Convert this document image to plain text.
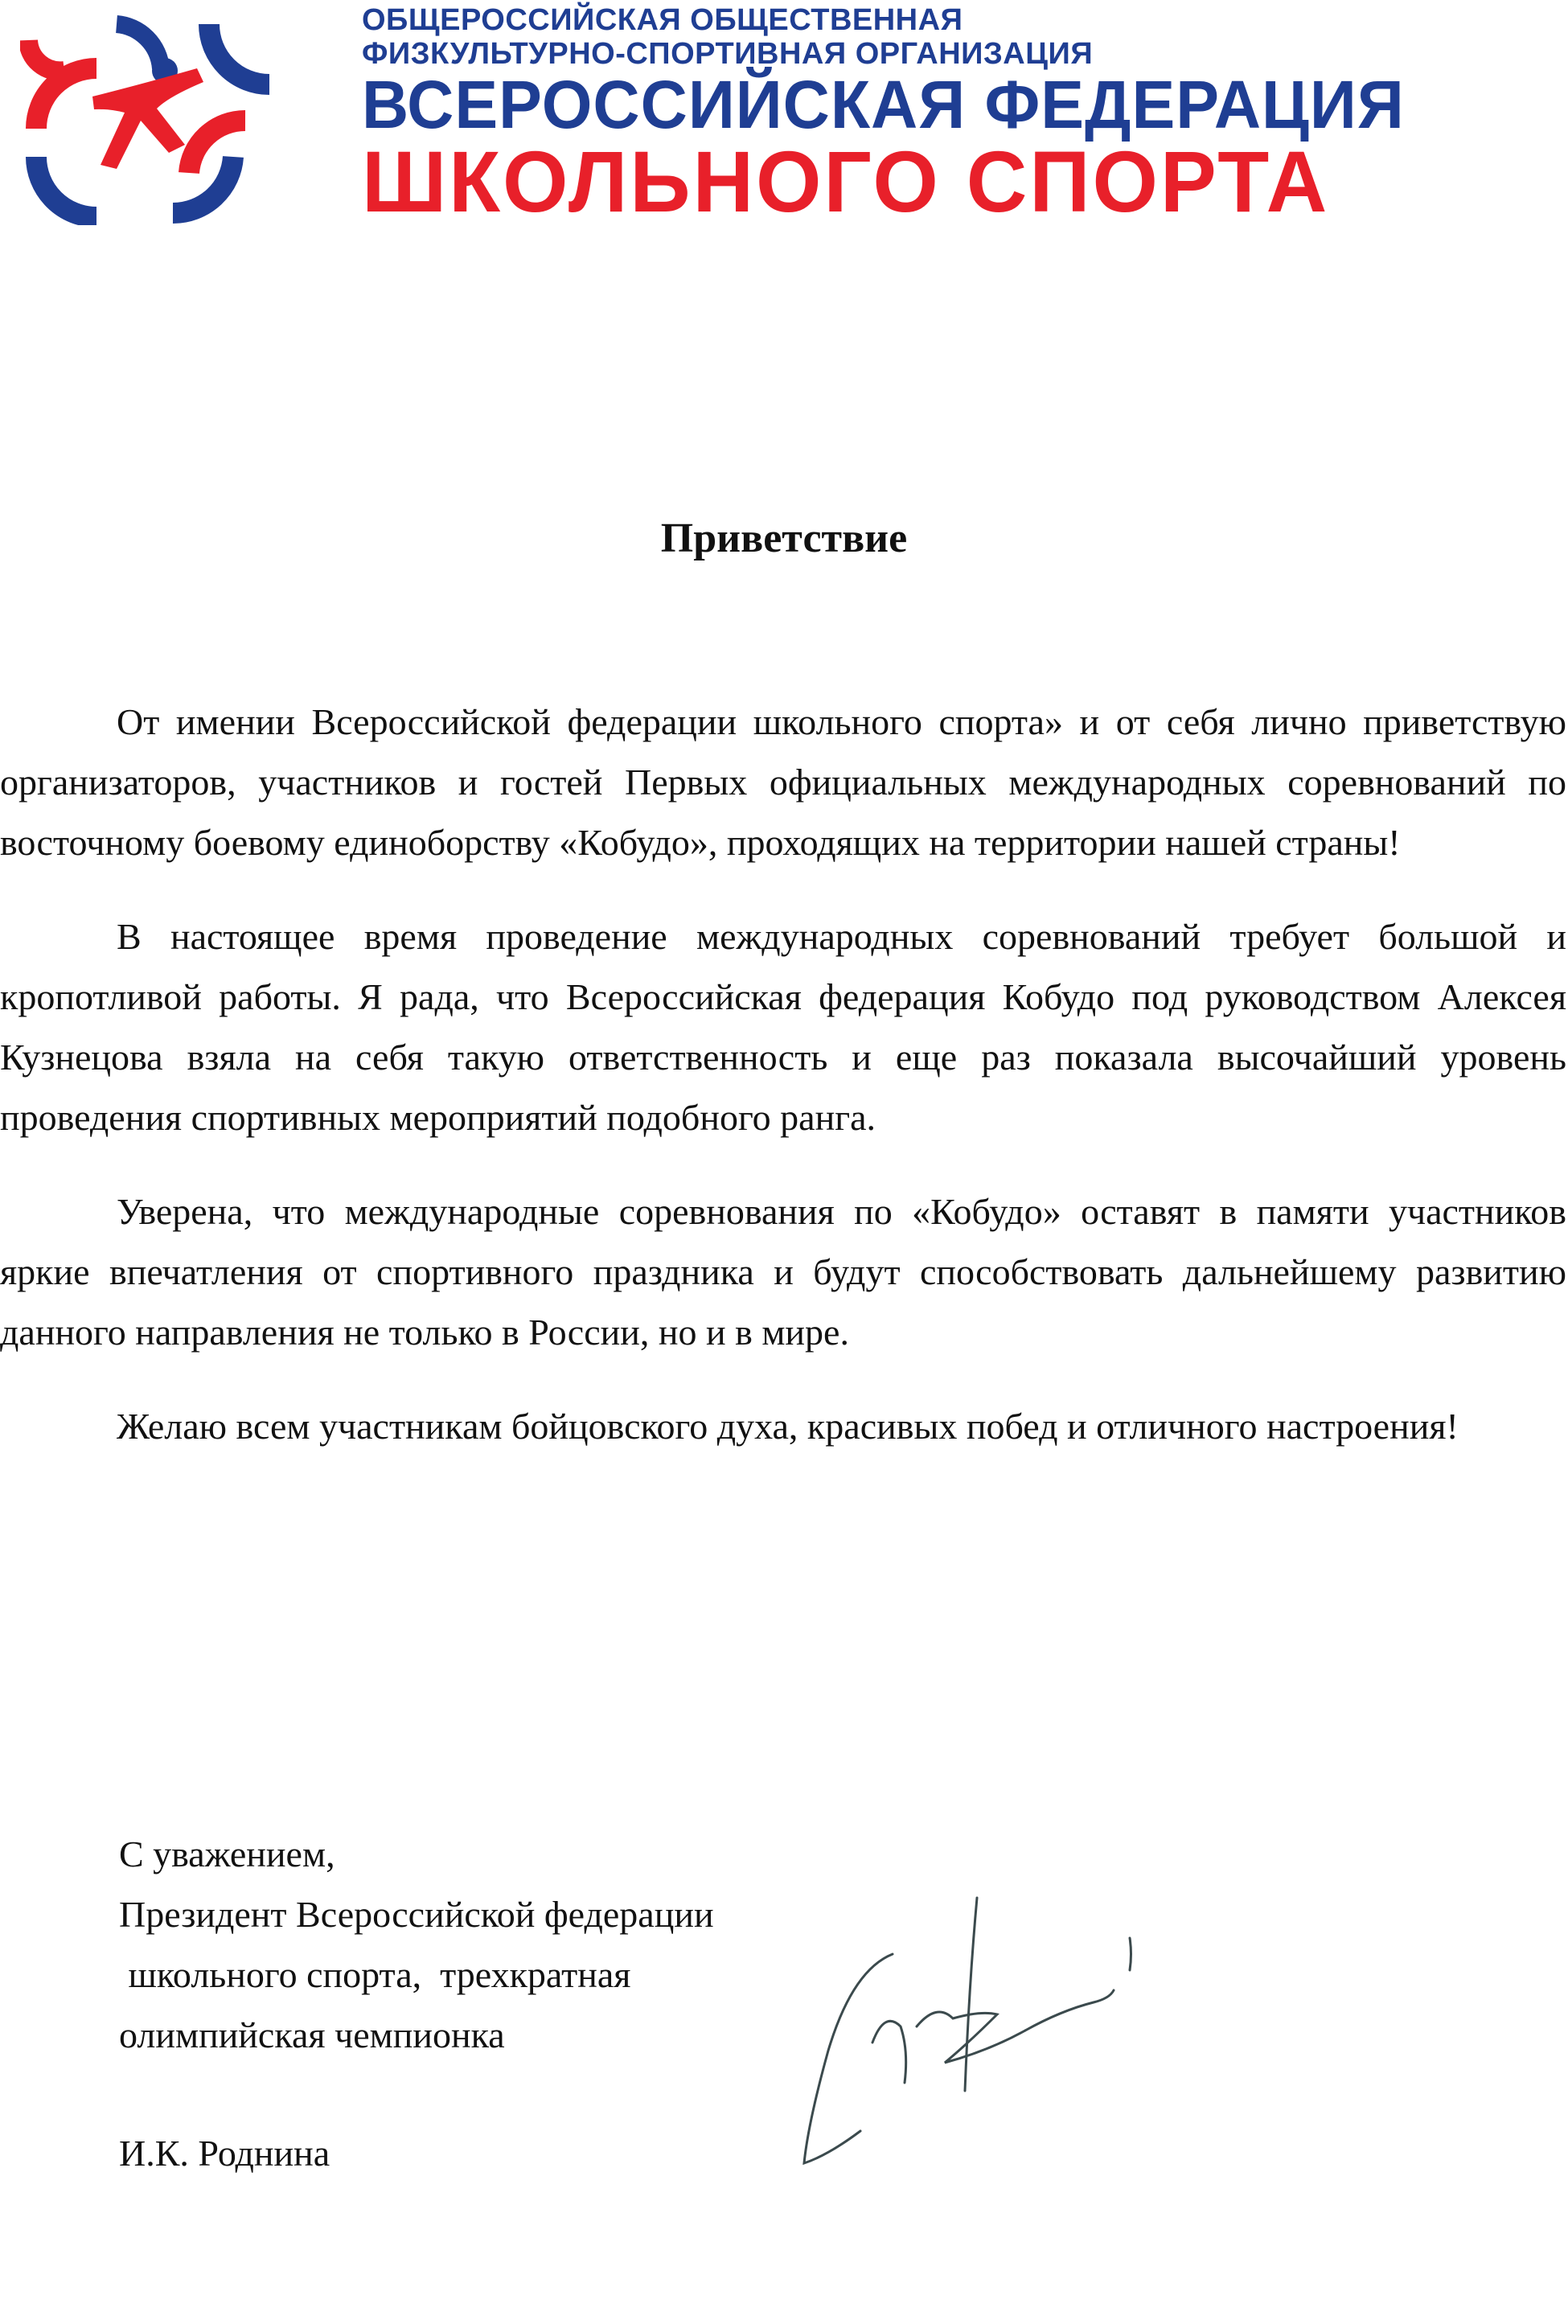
ОБЩЕРОССИЙСКАЯ ОБЩЕСТВЕННАЯ
ФИЗКУЛЬТУРНО-СПОРТИВНАЯ ОРГАНИЗАЦИЯ
ВСЕРОССИЙСКАЯ ФЕДЕРАЦИЯ
ШКОЛЬНОГО СПОРТА
Приветствие

От имении Всероссийской федерации школьного спорта» и от себя лично приветствую организаторов, участников и гостей Первых официальных международных соревнований по восточному боевому единоборству «Кобудо», проходящих на территории нашей страны!

В настоящее время проведение международных соревнований требует большой и кропотливой работы. Я рада, что Всероссийская федерация Кобудо под руководством Алексея Кузнецова взяла на себя такую ответственность и еще раз показала высочайший уровень проведения спортивных мероприятий подобного ранга.

Уверена, что международные соревнования по «Кобудо» оставят в памяти участников яркие впечатления от спортивного праздника и будут способствовать дальнейшему развитию данного направления не только в России, но и в мире.

Желаю всем участникам бойцовского духа, красивых побед и отличного настроения!

С уважением,
Президент Всероссийской федерации
школьного спорта,  трехкратная
олимпийская чемпионка
И.К. Роднина
